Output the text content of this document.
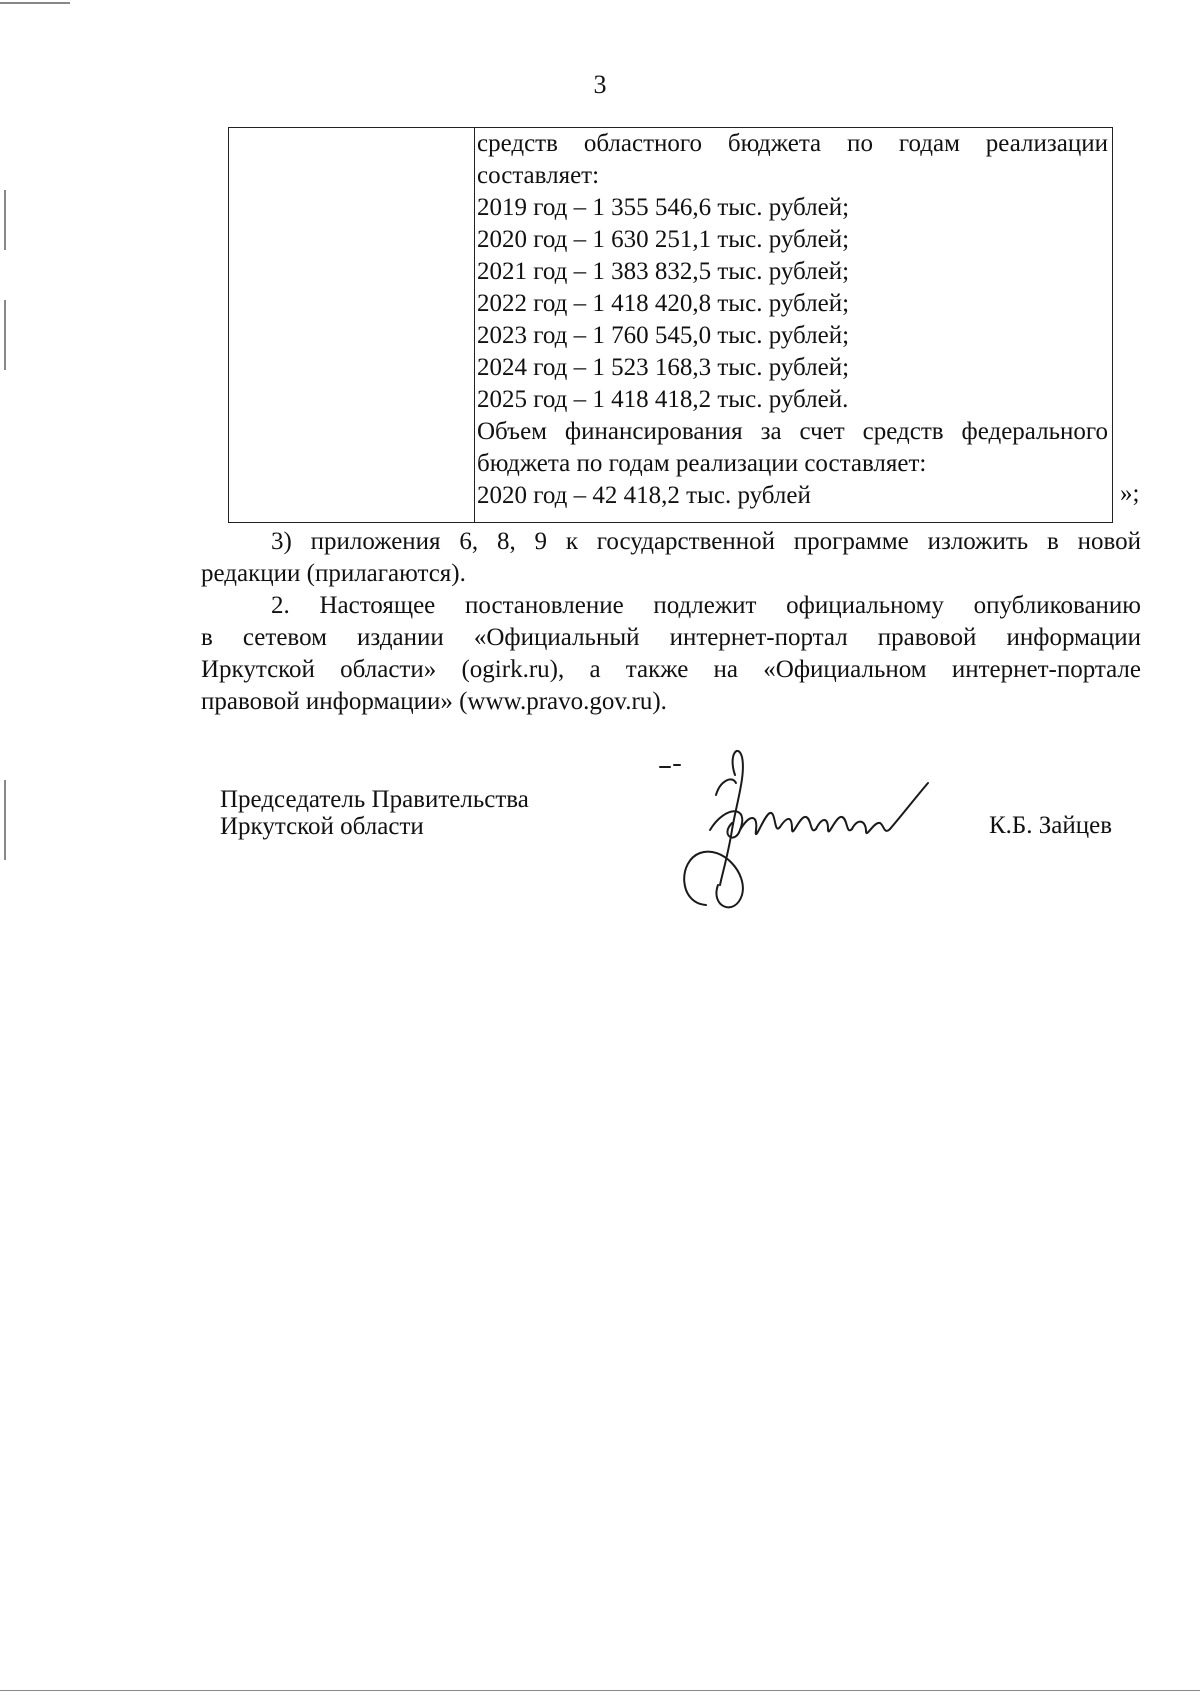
3
средств областного бюджета по годам реализации
составляет:
2019 год – 1 355 546,6 тыс. рублей;
2020 год – 1 630 251,1 тыс. рублей;
2021 год – 1 383 832,5 тыс. рублей;
2022 год – 1 418 420,8 тыс. рублей;
2023 год – 1 760 545,0 тыс. рублей;
2024 год – 1 523 168,3 тыс. рублей;
2025 год – 1 418 418,2 тыс. рублей.
Объем финансирования за счет средств федерального
бюджета по годам реализации составляет:
2020 год – 42 418,2 тыс. рублей	»;
3) приложения 6, 8, 9 к государственной программе изложить в новой
редакции (прилагаются).
2. Настоящее постановление подлежит официальному опубликованию
в сетевом издании «Официальный интернет-портал правовой информации
Иркутской области» (ogirk.ru), а также на «Официальном интернет-портале
правовой информации» (www.pravo.gov.ru).
Председатель Правительства
Иркутской области	К.Б. Зайцев
